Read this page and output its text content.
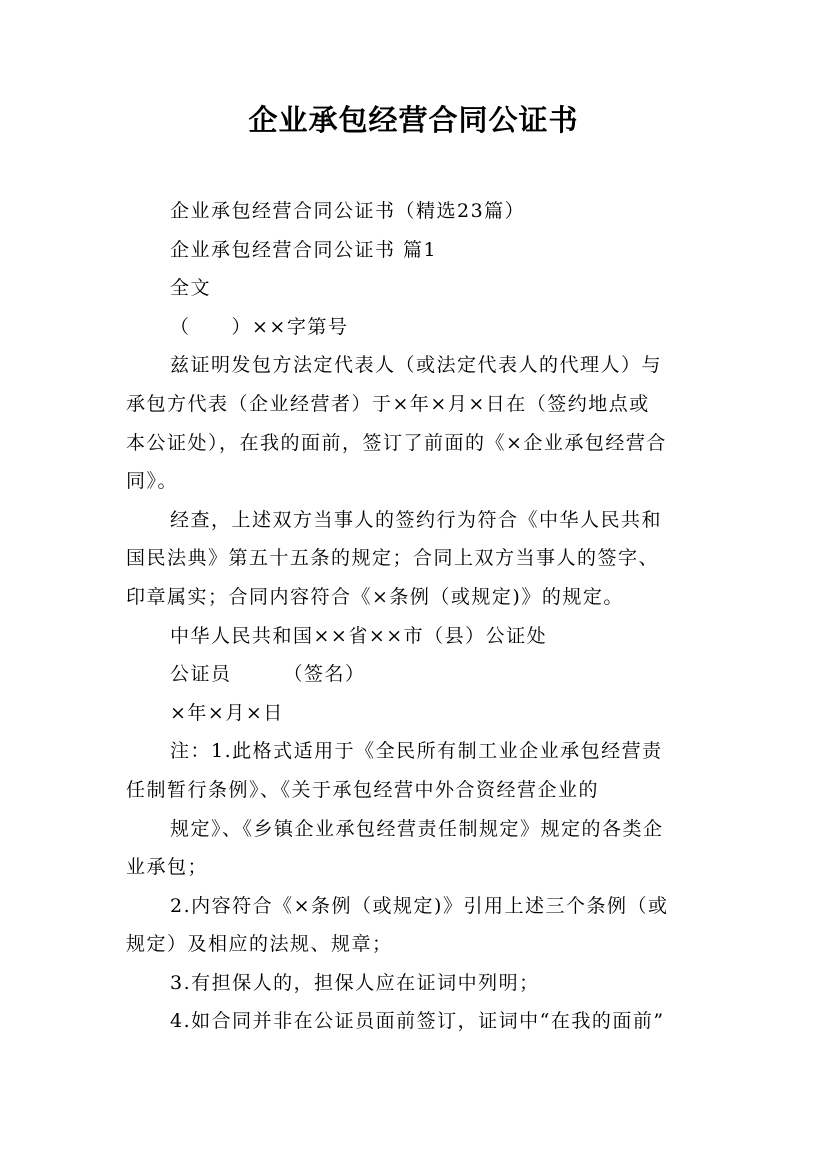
企业承包经营合同公证书
企业承包经营合同公证书（精选23篇）
企业承包经营合同公证书 篇1
全文
（　　）××字第号
兹证明发包方法定代表人（或法定代表人的代理人）与
承包方代表（企业经营者）于×年×月×日在（签约地点或
本公证处），在我的面前，签订了前面的《×企业承包经营合
同》。
经查，上述双方当事人的签约行为符合《中华人民共和
国民法典》第五十五条的规定；合同上双方当事人的签字、
印章属实；合同内容符合《×条例（或规定)》的规定。
中华人民共和国××省××市（县）公证处
公证员　　　（签名）
×年×月×日
注：1.此格式适用于《全民所有制工业企业承包经营责
任制暂行条例》、《关于承包经营中外合资经营企业的
规定》、《乡镇企业承包经营责任制规定》规定的各类企
业承包；
2.内容符合《×条例（或规定)》引用上述三个条例（或
规定）及相应的法规、规章；
3.有担保人的，担保人应在证词中列明；
4.如合同并非在公证员面前签订，证词中“在我的面前”
